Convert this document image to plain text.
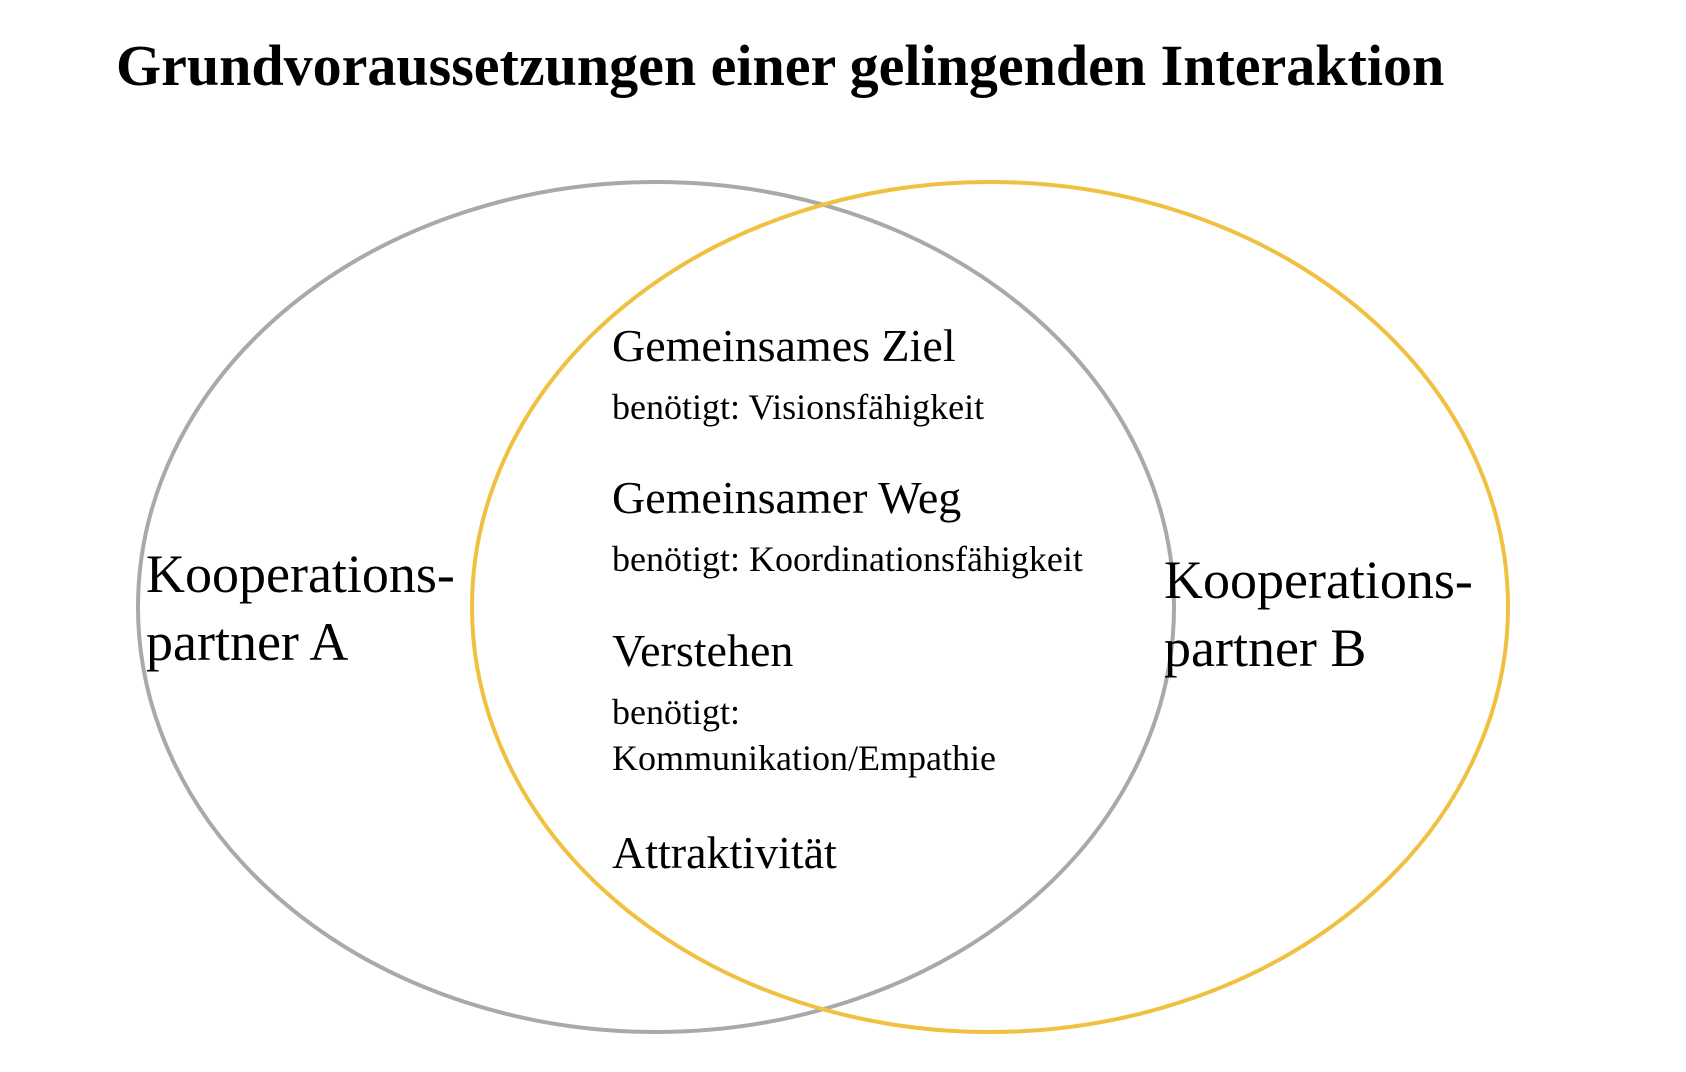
Grundvoraussetzungen einer gelingenden Interaktion
Kooperations-
partner A
Kooperations-
partner B
Gemeinsames Ziel
benötigt: Visionsfähigkeit
Gemeinsamer Weg
benötigt: Koordinationsfähigkeit
Verstehen
benötigt:
Kommunikation/Empathie
Attraktivität
